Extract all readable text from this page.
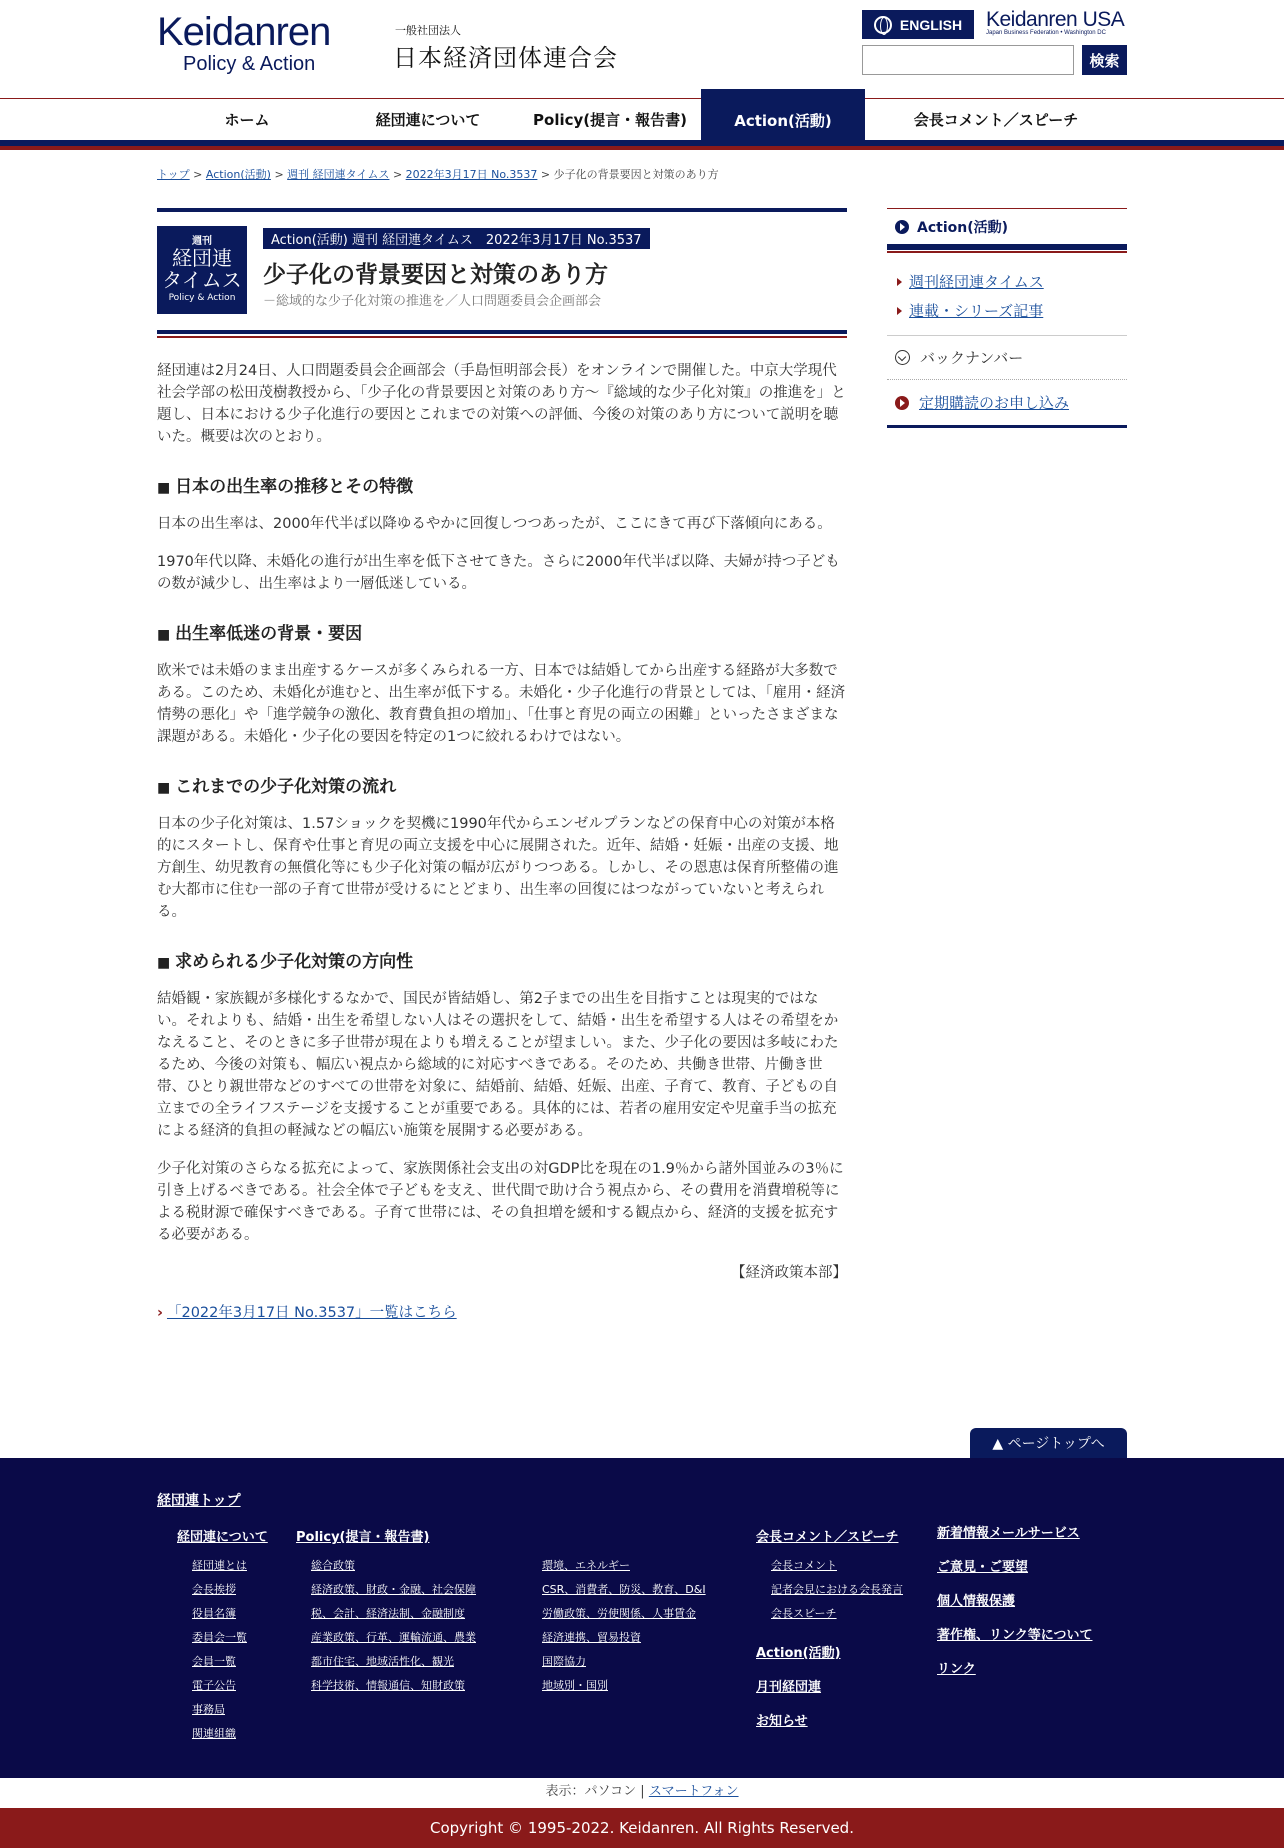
Keidanren
Policy & Action
一般社団法人
日本経済団体連合会
ENGLISH Keidanren USA
Japan Business Federation • Washington DC
検索
ホーム	経団連について	Policy(提言・報告書)	Action(活動)	会長コメント／スピーチ
トップ > Action(活動) > 週刊 経団連タイムス > 2022年3月17日 No.3537 > 少子化の背景要因と対策のあり方
週刊
経団連
タイムス
Policy & Action
Action(活動) 週刊 経団連タイムス　2022年3月17日 No.3537
少子化の背景要因と対策のあり方
－総域的な少子化対策の推進を／人口問題委員会企画部会

経団連は2月24日、人口問題委員会企画部会（手島恒明部会長）をオンラインで開催した。中京大学現代社会学部の松田茂樹教授から、「少子化の背景要因と対策のあり方～『総域的な少子化対策』の推進を」と題し、日本における少子化進行の要因とこれまでの対策への評価、今後の対策のあり方について説明を聴いた。概要は次のとおり。

■ 日本の出生率の推移とその特徴

日本の出生率は、2000年代半ば以降ゆるやかに回復しつつあったが、ここにきて再び下落傾向にある。

1970年代以降、未婚化の進行が出生率を低下させてきた。さらに2000年代半ば以降、夫婦が持つ子どもの数が減少し、出生率はより一層低迷している。

■ 出生率低迷の背景・要因

欧米では未婚のまま出産するケースが多くみられる一方、日本では結婚してから出産する経路が大多数である。このため、未婚化が進むと、出生率が低下する。未婚化・少子化進行の背景としては、「雇用・経済情勢の悪化」や「進学競争の激化、教育費負担の増加」、「仕事と育児の両立の困難」といったさまざまな課題がある。未婚化・少子化の要因を特定の1つに絞れるわけではない。

■ これまでの少子化対策の流れ

日本の少子化対策は、1.57ショックを契機に1990年代からエンゼルプランなどの保育中心の対策が本格的にスタートし、保育や仕事と育児の両立支援を中心に展開された。近年、結婚・妊娠・出産の支援、地方創生、幼児教育の無償化等にも少子化対策の幅が広がりつつある。しかし、その恩恵は保育所整備の進む大都市に住む一部の子育て世帯が受けるにとどまり、出生率の回復にはつながっていないと考えられる。

■ 求められる少子化対策の方向性

結婚観・家族観が多様化するなかで、国民が皆結婚し、第2子までの出生を目指すことは現実的ではない。それよりも、結婚・出生を希望しない人はその選択をして、結婚・出生を希望する人はその希望をかなえること、そのときに多子世帯が現在よりも増えることが望ましい。また、少子化の要因は多岐にわたるため、今後の対策も、幅広い視点から総域的に対応すべきである。そのため、共働き世帯、片働き世帯、ひとり親世帯などのすべての世帯を対象に、結婚前、結婚、妊娠、出産、子育て、教育、子どもの自立までの全ライフステージを支援することが重要である。具体的には、若者の雇用安定や児童手当の拡充による経済的負担の軽減などの幅広い施策を展開する必要がある。

少子化対策のさらなる拡充によって、家族関係社会支出の対GDP比を現在の1.9％から諸外国並みの3％に引き上げるべきである。社会全体で子どもを支え、世代間で助け合う視点から、その費用を消費増税等による税財源で確保すべきである。子育て世帯には、その負担増を緩和する観点から、経済的支援を拡充する必要がある。

【経済政策本部】
› 「2022年3月17日 No.3537」一覧はこちら
Action(活動)
週刊経団連タイムス
連載・シリーズ記事
バックナンバー
定期購読のお申し込み
▲ ページトップへ
経団連トップ
経団連について
経団連とは
会長挨拶
役員名簿
委員会一覧
会員一覧
電子公告
事務局
関連組織
Policy(提言・報告書)
総合政策
経済政策、財政・金融、社会保障
税、会計、経済法制、金融制度
産業政策、行革、運輸流通、農業
都市住宅、地域活性化、観光
科学技術、情報通信、知財政策
環境、エネルギー
CSR、消費者、防災、教育、D&I
労働政策、労使関係、人事賃金
経済連携、貿易投資
国際協力
地域別・国別
会長コメント／スピーチ
会長コメント
記者会見における会長発言
会長スピーチ
Action(活動)
月刊経団連
お知らせ
新着情報メールサービス
ご意見・ご要望
個人情報保護
著作権、リンク等について
リンク
表示：パソコン | スマートフォン
Copyright © 1995-2022. Keidanren. All Rights Reserved.
